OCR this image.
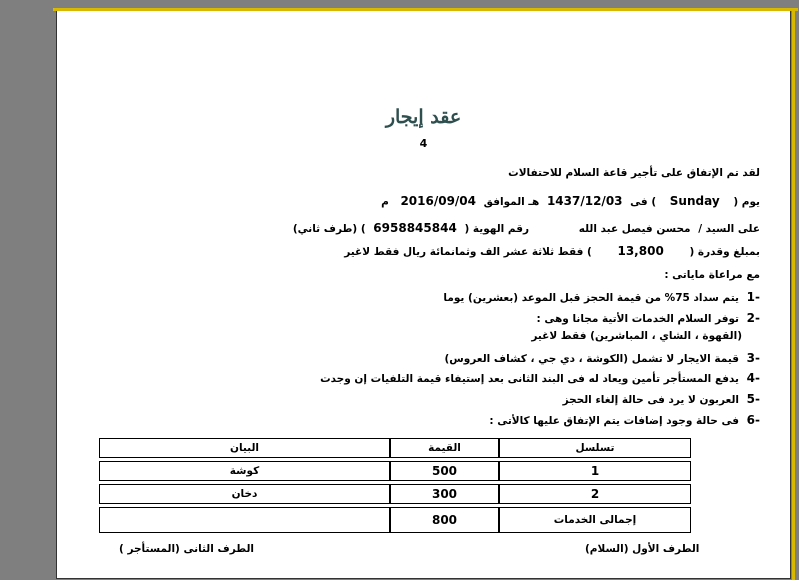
عقد إيجار
4
لقد تم الإتفاق على تأجير قاعة السلام للاحتفالات
يوم ( Sunday ) فى 1437/12/03 هـ الموافق 2016/09/04 م
على السيد / محسن فيصل عبد الله رقم الهوية ( 6958845844 ) (طرف ثاني)
بمبلغ وقدرة ( 13,800 ) فقط ثلاثة عشر الف وثمانمائة ريال فقط لاغير
مع مراعاة ماياتى :
-1 يتم سداد 75% من قيمة الحجز قبل الموعد (بعشرين) يوما
-2 توفر السلام الخدمات الأتية مجانا وهى :
(القهوة ، الشاي ، المباشرين) فقط لاغير
-3 قيمة الايجار لا تشمل (الكوشة ، دي جي ، كشاف العروس)
-4 يدفع المستأجر تأمين ويعاد له فى البند الثانى بعد إستيفاء قيمة التلفيات إن وجدت
-5 العربون لا يرد فى حالة إلغاء الحجز
-6 فى حالة وجود إضافات يتم الإتفاق عليها كالأتى :
تسلسل	القيمة	البيان
1	500	كوشة
2	300	دخان
إجمالى الخدمات	800	
الطرف الأول (السلام)
الطرف الثانى (المستأجر )
